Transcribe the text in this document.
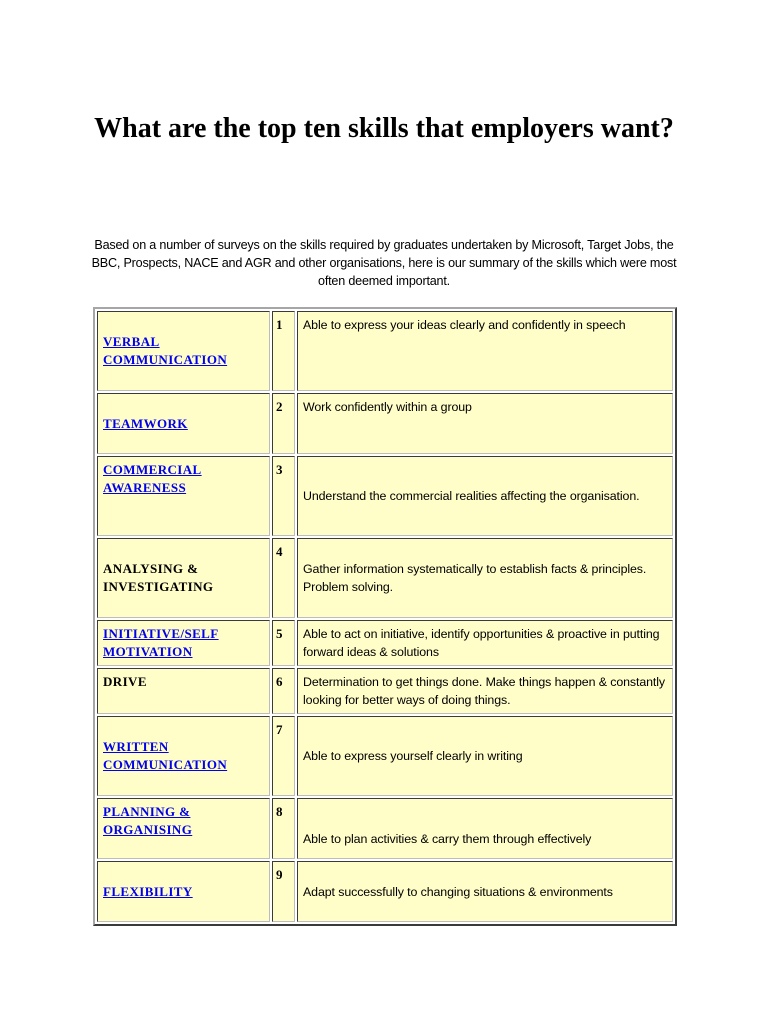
What are the top ten skills that employers want?

Based on a number of surveys on the skills required by graduates undertaken by Microsoft, Target Jobs, the BBC, Prospects, NACE and AGR and other organisations, here is our summary of the skills which were most often deemed important.

VERBAL COMMUNICATION	1	Able to express your ideas clearly and confidently in speech
TEAMWORK	2	Work confidently within a group

COMMERCIAL AWARENESS	3	Understand the commercial realities affecting the organisation.

ANALYSING & INVESTIGATING	4	Gather information systematically to establish facts & principles. Problem solving.

INITIATIVE/SELF MOTIVATION	5	Able to act on initiative, identify opportunities & proactive in putting forward ideas & solutions
DRIVE	6	Determination to get things done. Make things happen & constantly looking for better ways of doing things.

WRITTEN COMMUNICATION	7	Able to express yourself clearly in writing

PLANNING & ORGANISING	8	Able to plan activities & carry them through effectively
FLEXIBILITY	9	Adapt successfully to changing situations & environments
